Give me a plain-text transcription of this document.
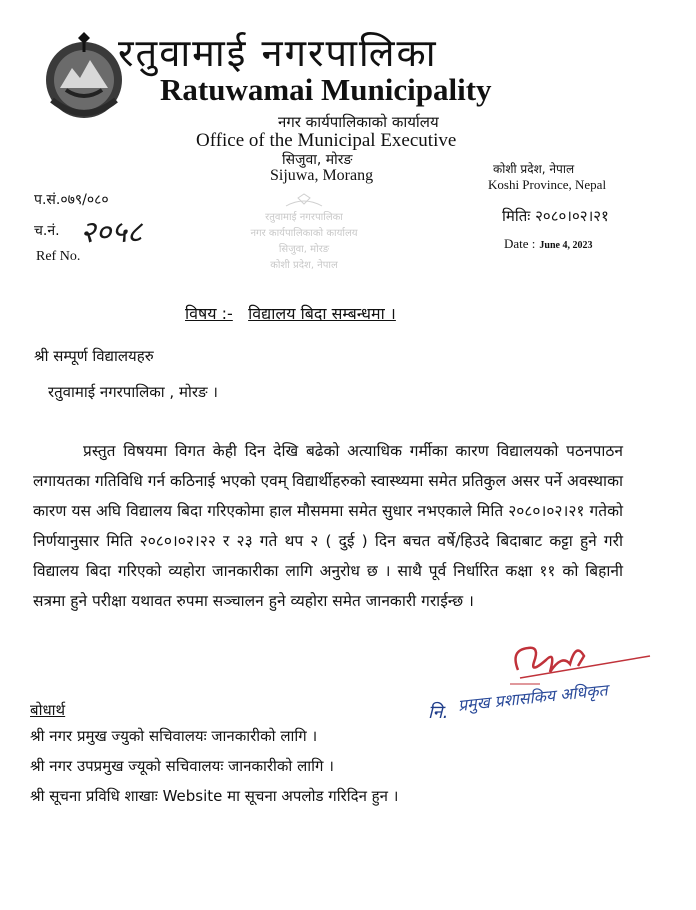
रतुवामाई नगरपालिका
Ratuwamai Municipality
नगर कार्यपालिकाको कार्यालय
Office of the Municipal Executive
सिजुवा, मोरङ
Sijuwa, Morang	कोशी प्रदेश, नेपाल
Koshi Province, Nepal
प.सं.०७९/०८०
च.नं. २०५८
Ref No.
मितिः २०८०।०२।२१
Date : June 4, 2023
रतुवामाई नगरपालिका
नगर कार्यपालिकाको कार्यालय
सिजुवा, मोरङ
कोशी प्रदेश, नेपाल
विषय :- विद्यालय बिदा सम्बन्धमा ।
श्री सम्पूर्ण विद्यालयहरु
रतुवामाई नगरपालिका , मोरङ ।
प्रस्तुत विषयमा विगत केही दिन देखि बढेको अत्याधिक गर्मीका कारण विद्यालयको पठनपाठन लगायतका गतिविधि गर्न कठिनाई भएको एवम् विद्यार्थीहरुको स्वास्थ्यमा समेत प्रतिकुल असर पर्ने अवस्थाका कारण यस अघि विद्यालय बिदा गरिएकोमा हाल मौसममा समेत सुधार नभएकाले मिति २०८०।०२।२१ गतेको निर्णयानुसार मिति २०८०।०२।२२ र २३ गते थप २ ( दुई ) दिन बचत वर्षे/हिउदे बिदाबाट कट्टा हुने गरी विद्यालय बिदा गरिएको व्यहोरा जानकारीका लागि अनुरोध छ । साथै पूर्व निर्धारित कक्षा ११ को बिहानी सत्रमा हुने परीक्षा यथावत रुपमा सञ्चालन हुने व्यहोरा समेत जानकारी गराईन्छ ।
नि. प्रमुख प्रशासकिय अधिकृत
बोधार्थ
श्री नगर प्रमुख ज्युको सचिवालयः जानकारीको लागि ।
श्री नगर उपप्रमुख ज्यूको सचिवालयः जानकारीको लागि ।
श्री सूचना प्रविधि शाखाः Website मा सूचना अपलोड गरिदिन हुन ।
